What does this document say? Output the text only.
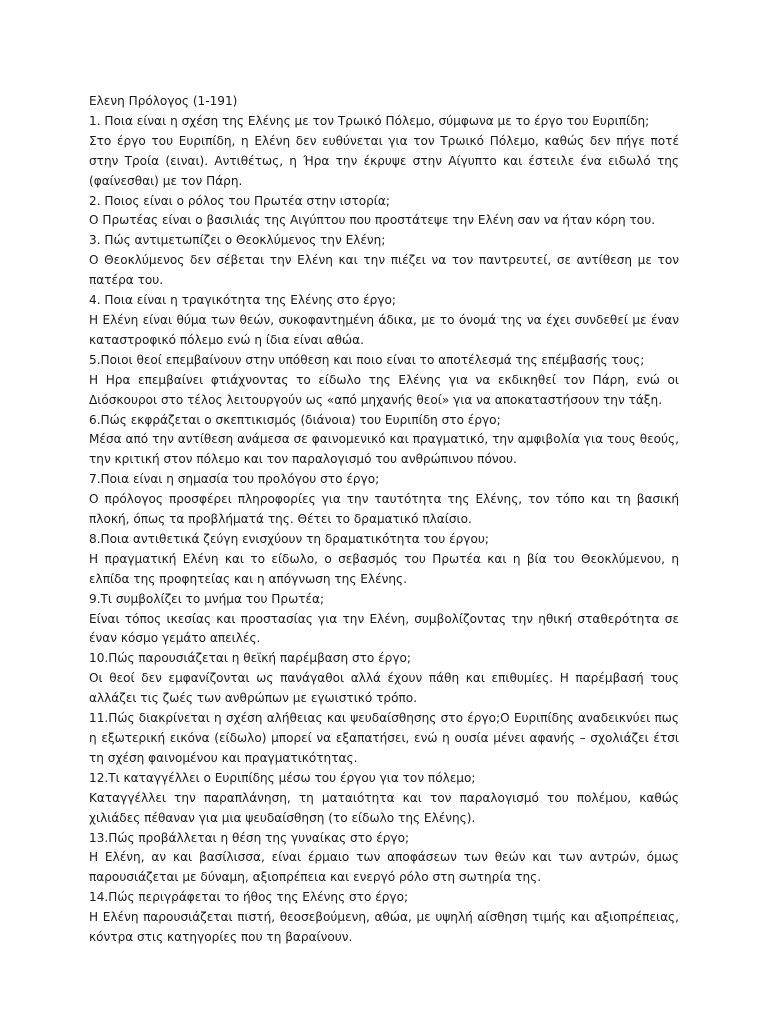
Ελενη Πρόλογος (1-191)
1. Ποια είναι η σχέση της Ελένης με τον Τρωικό Πόλεμο, σύμφωνα με το έργο του Ευριπίδη;
Στο έργο του Ευριπίδη, η Ελένη δεν ευθύνεται για τον Τρωικό Πόλεμο, καθώς δεν πήγε ποτέ στην Τροία (ειναι). Αντιθέτως, η Ήρα την έκρυψε στην Αίγυπτο και έστειλε ένα ειδωλό της (φαίνεσθαι) με τον Πάρη.
2. Ποιος είναι ο ρόλος του Πρωτέα στην ιστορία;
Ο Πρωτέας είναι ο βασιλιάς της Αιγύπτου που προστάτεψε την Ελένη σαν να ήταν κόρη του.
3. Πώς αντιμετωπίζει ο Θεοκλύμενος την Ελένη;
Ο Θεοκλύμενος δεν σέβεται την Ελένη και την πιέζει να τον παντρευτεί, σε αντίθεση με τον πατέρα του.
4. Ποια είναι η τραγικότητα της Ελένης στο έργο;
Η Ελένη είναι θύμα των θεών, συκοφαντημένη άδικα, με το όνομά της να έχει συνδεθεί με έναν καταστροφικό πόλεμο ενώ η ίδια είναι αθώα.
5.Ποιοι θεοί επεμβαίνουν στην υπόθεση και ποιο είναι το αποτέλεσμά της επέμβασής τους;
Η Ηρα επεμβαίνει φτιάχνοντας το είδωλο της Ελένης για να εκδικηθεί τον Πάρη, ενώ οι Διόσκουροι στο τέλος λειτουργούν ως «από μηχανής θεοί» για να αποκαταστήσουν την τάξη.
6.Πώς εκφράζεται ο σκεπτικισμός (διάνοια) του Ευριπίδη στο έργο;
Μέσα από την αντίθεση ανάμεσα σε φαινομενικό και πραγματικό, την αμφιβολία για τους θεούς, την κριτική στον πόλεμο και τον παραλογισμό του ανθρώπινου πόνου.
7.Ποια είναι η σημασία του προλόγου στο έργο;
Ο πρόλογος προσφέρει πληροφορίες για την ταυτότητα της Ελένης, τον τόπο και τη βασική πλοκή, όπως τα προβλήματά της. Θέτει το δραματικό πλαίσιο.
8.Ποια αντιθετικά ζεύγη ενισχύουν τη δραματικότητα του έργου;
Η πραγματική Ελένη και το είδωλο, ο σεβασμός του Πρωτέα και η βία του Θεοκλύμενου, η ελπίδα της προφητείας και η απόγνωση της Ελένης.
9.Τι συμβολίζει το μνήμα του Πρωτέα;
Είναι τόπος ικεσίας και προστασίας για την Ελένη, συμβολίζοντας την ηθική σταθερότητα σε έναν κόσμο γεμάτο απειλές.
10.Πώς παρουσιάζεται η θεϊκή παρέμβαση στο έργο;
Οι θεοί δεν εμφανίζονται ως πανάγαθοι αλλά έχουν πάθη και επιθυμίες. Η παρέμβασή τους αλλάζει τις ζωές των ανθρώπων με εγωιστικό τρόπο.
11.Πώς διακρίνεται η σχέση αλήθειας και ψευδαίσθησης στο έργο;Ο Ευριπίδης αναδεικνύει πως η εξωτερική εικόνα (είδωλο) μπορεί να εξαπατήσει, ενώ η ουσία μένει αφανής – σχολιάζει έτσι τη σχέση φαινομένου και πραγματικότητας.
12.Τι καταγγέλλει ο Ευριπίδης μέσω του έργου για τον πόλεμο;
Καταγγέλλει την παραπλάνηση, τη ματαιότητα και τον παραλογισμό του πολέμου, καθώς χιλιάδες πέθαναν για μια ψευδαίσθηση (το είδωλο της Ελένης).
13.Πώς προβάλλεται η θέση της γυναίκας στο έργο;
Η Ελένη, αν και βασίλισσα, είναι έρμαιο των αποφάσεων των θεών και των αντρών, όμως παρουσιάζεται με δύναμη, αξιοπρέπεια και ενεργό ρόλο στη σωτηρία της.
14.Πώς περιγράφεται το ήθος της Ελένης στο έργο;
Η Ελένη παρουσιάζεται πιστή, θεοσεβούμενη, αθώα, με υψηλή αίσθηση τιμής και αξιοπρέπειας, κόντρα στις κατηγορίες που τη βαραίνουν.
